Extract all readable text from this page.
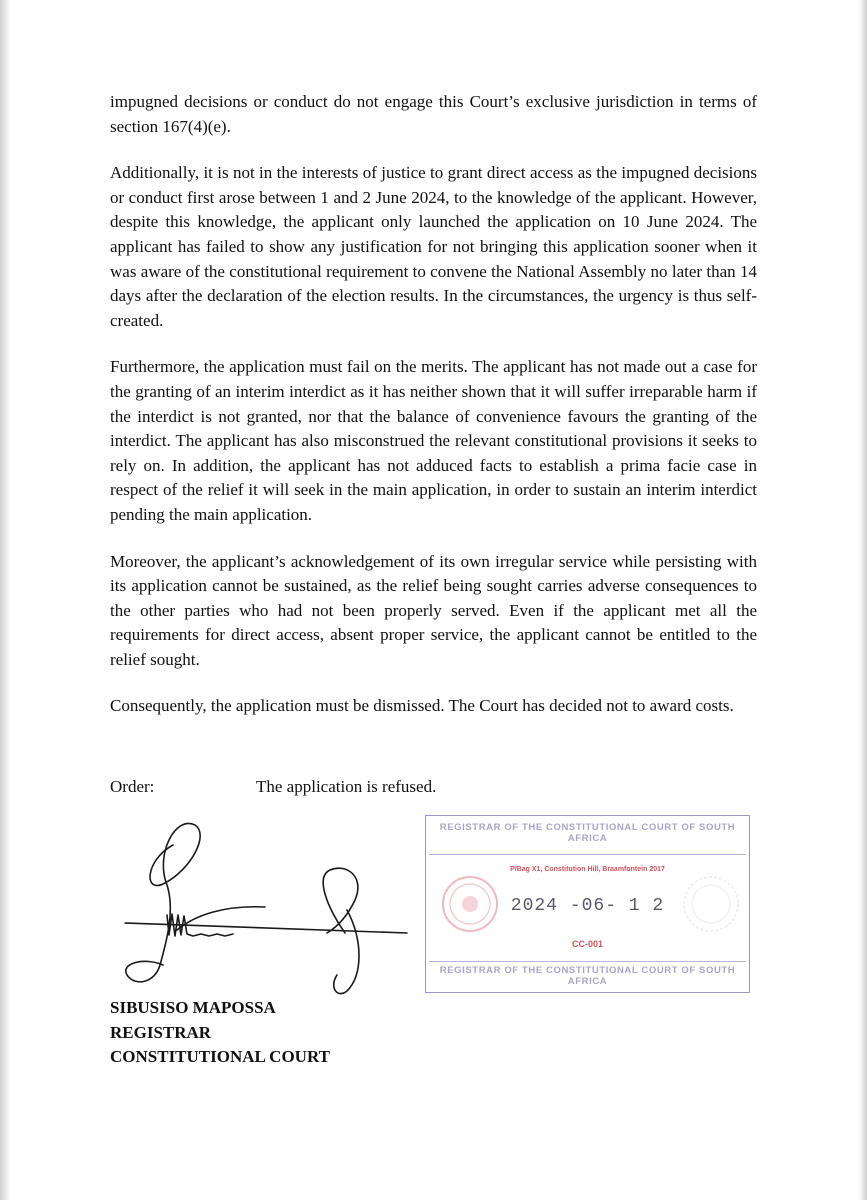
impugned decisions or conduct do not engage this Court’s exclusive jurisdiction in terms of section 167(4)(e).

Additionally, it is not in the interests of justice to grant direct access as the impugned decisions or conduct first arose between 1 and 2 June 2024, to the knowledge of the applicant. However, despite this knowledge, the applicant only launched the application on 10 June 2024. The applicant has failed to show any justification for not bringing this application sooner when it was aware of the constitutional requirement to convene the National Assembly no later than 14 days after the declaration of the election results. In the circumstances, the urgency is thus self-created.

Furthermore, the application must fail on the merits. The applicant has not made out a case for the granting of an interim interdict as it has neither shown that it will suffer irreparable harm if the interdict is not granted, nor that the balance of convenience favours the granting of the interdict. The applicant has also misconstrued the relevant constitutional provisions it seeks to rely on. In addition, the applicant has not adduced facts to establish a prima facie case in respect of the relief it will seek in the main application, in order to sustain an interim interdict pending the main application.

Moreover, the applicant’s acknowledgement of its own irregular service while persisting with its application cannot be sustained, as the relief being sought carries adverse consequences to the other parties who had not been properly served. Even if the applicant met all the requirements for direct access, absent proper service, the applicant cannot be entitled to the relief sought.

Consequently, the application must be dismissed. The Court has decided not to award costs.

Order:	The application is refused.
REGISTRAR OF THE CONSTITUTIONAL COURT OF SOUTH AFRICA
P/Bag X1, Constitution Hill, Braamfontein 2017
2024 -06- 1 2
CC-001
REGISTRAR OF THE CONSTITUTIONAL COURT OF SOUTH AFRICA
SIBUSISO MAPOSSA
REGISTRAR
CONSTITUTIONAL COURT
